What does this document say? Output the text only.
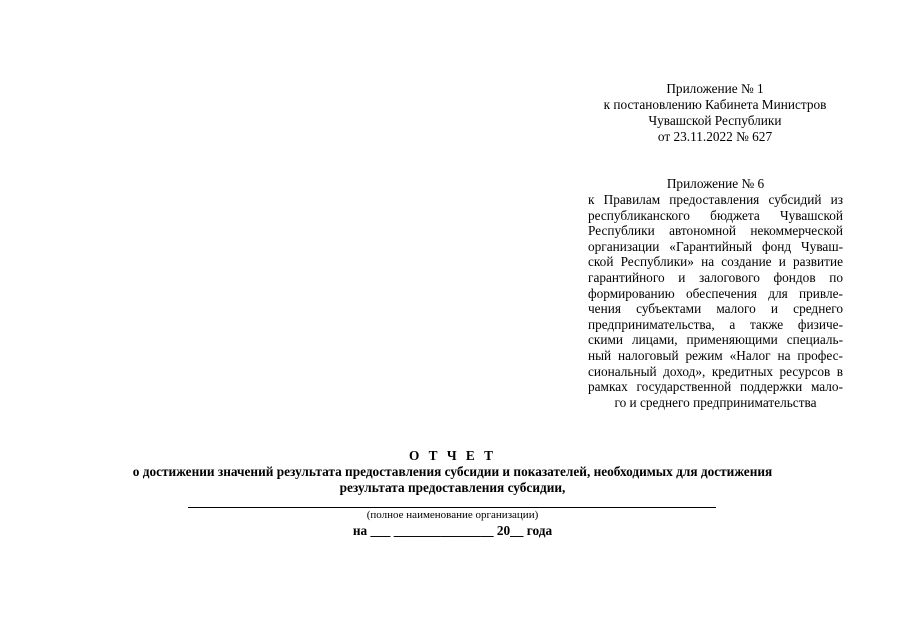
Приложение № 1
к постановлению Кабинета Министров
Чувашской Республики
от 23.11.2022 № 627
Приложение № 6
к Правилам предоставления субсидий из
республиканского бюджета Чувашской
Республики автономной некоммерческой
организации «Гарантийный фонд Чуваш-
ской Республики» на создание и развитие
гарантийного и залогового фондов по
формированию обеспечения для привле-
чения субъектами малого и среднего
предпринимательства, а также физиче-
скими лицами, применяющими специаль-
ный налоговый режим «Налог на профес-
сиональный доход», кредитных ресурсов в
рамках государственной поддержки мало-
го и среднего предпринимательства
О Т Ч Е Т
о достижении значений результата предоставления субсидии и показателей, необходимых для достижения
результата предоставления субсидии,
(полное наименование организации)
на ___ _______________ 20__ года
